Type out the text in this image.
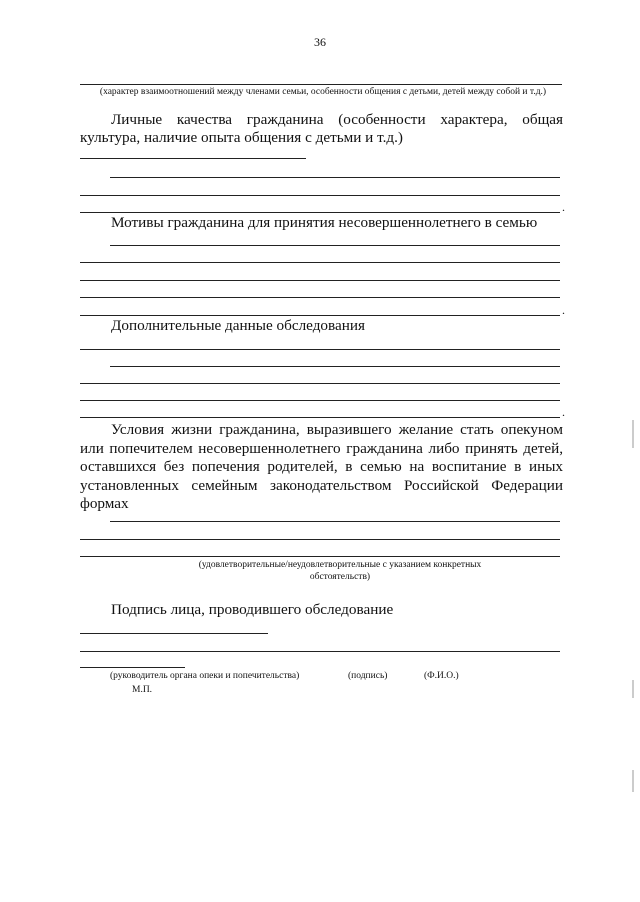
36
(характер взаимоотношений между членами семьи, особенности общения с детьми, детей между собой и т.д.)
Личные качества гражданина (особенности характера, общая культура, наличие опыта общения с детьми и т.д.)
.
Мотивы гражданина для принятия несовершеннолетнего в семью
.
Дополнительные данные обследования
.
Условия жизни гражданина, выразившего желание стать опекуном или попечителем несовершеннолетнего гражданина либо принять детей, оставшихся без попечения родителей, в семью на воспитание в иных установленных семейным законодательством Российской Федерации формах
(удовлетворительные/неудовлетворительные с указанием конкретных обстоятельств)
Подпись лица, проводившего обследование
(руководитель органа опеки и попечительства)	(подпись)	(Ф.И.О.)
М.П.
